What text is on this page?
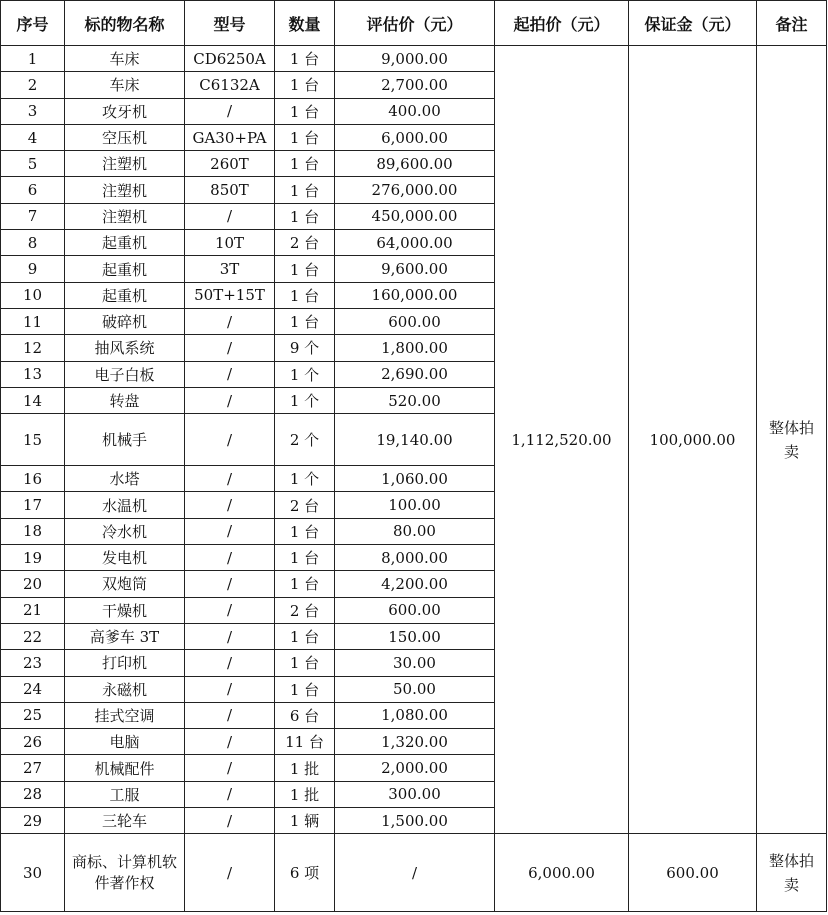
序号	标的物名称	型号	数量	评估价（元）	起拍价（元）	保证金（元）	备注
1	车床	CD6250A	1 台	9,000.00	1,112,520.00	100,000.00	整体拍卖
2	车床	C6132A	1 台	2,700.00			
3	攻牙机	/	1 台	400.00			
4	空压机	GA30+PA	1 台	6,000.00			
5	注塑机	260T	1 台	89,600.00			
6	注塑机	850T	1 台	276,000.00			
7	注塑机	/	1 台	450,000.00			
8	起重机	10T	2 台	64,000.00			
9	起重机	3T	1 台	9,600.00			
10	起重机	50T+15T	1 台	160,000.00			
11	破碎机	/	1 台	600.00			
12	抽风系统	/	9 个	1,800.00			
13	电子白板	/	1 个	2,690.00			
14	转盘	/	1 个	520.00			
15	机械手	/	2 个	19,140.00			
16	水塔	/	1 个	1,060.00			
17	水温机	/	2 台	100.00			
18	冷水机	/	1 台	80.00			
19	发电机	/	1 台	8,000.00			
20	双炮筒	/	1 台	4,200.00			
21	干燥机	/	2 台	600.00			
22	高爹车 3T	/	1 台	150.00			
23	打印机	/	1 台	30.00			
24	永磁机	/	1 台	50.00			
25	挂式空调	/	6 台	1,080.00			
26	电脑	/	11 台	1,320.00			
27	机械配件	/	1 批	2,000.00			
28	工服	/	1 批	300.00			
29	三轮车	/	1 辆	1,500.00			
30	商标、计算机软件著作权	/	6 项	/	6,000.00	600.00	整体拍卖
